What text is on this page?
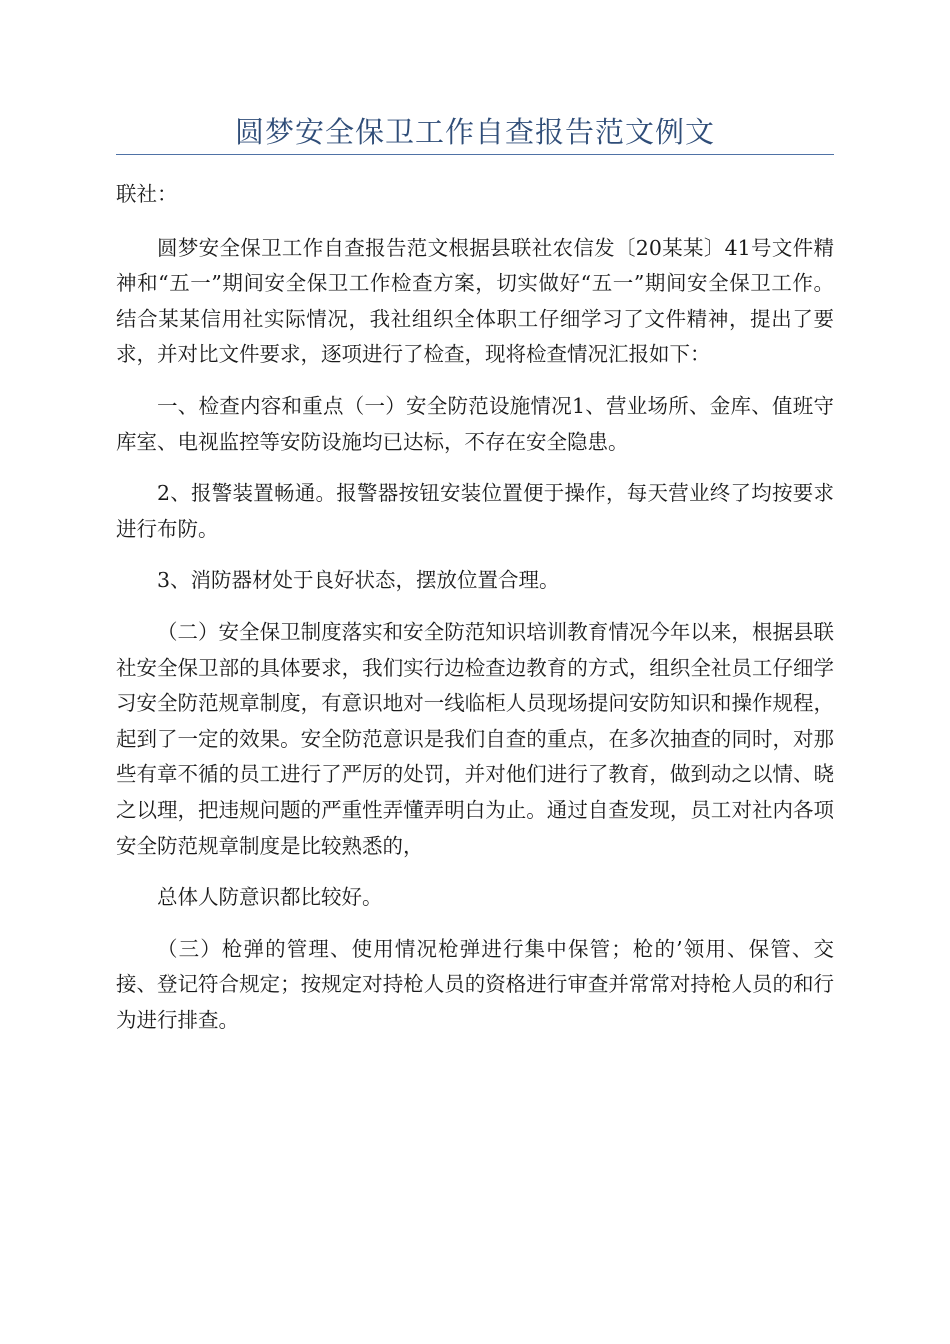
圆梦安全保卫工作自查报告范文例文

联社：

圆梦安全保卫工作自查报告范文根据县联社农信发〔20某某〕41号文件精神和“五一”期间安全保卫工作检查方案，切实做好“五一”期间安全保卫工作。结合某某信用社实际情况，我社组织全体职工仔细学习了文件精神，提出了要求，并对比文件要求，逐项进行了检查，现将检查情况汇报如下：

一、检查内容和重点（一）安全防范设施情况1、营业场所、金库、值班守库室、电视监控等安防设施均已达标，不存在安全隐患。

2、报警装置畅通。报警器按钮安装位置便于操作，每天营业终了均按要求进行布防。

3、消防器材处于良好状态，摆放位置合理。

（二）安全保卫制度落实和安全防范知识培训教育情况今年以来，根据县联社安全保卫部的具体要求，我们实行边检查边教育的方式，组织全社员工仔细学习安全防范规章制度，有意识地对一线临柜人员现场提问安防知识和操作规程，起到了一定的效果。安全防范意识是我们自查的重点，在多次抽查的同时，对那些有章不循的员工进行了严厉的处罚，并对他们进行了教育，做到动之以情、晓之以理，把违规问题的严重性弄懂弄明白为止。通过自查发现，员工对社内各项安全防范规章制度是比较熟悉的，

总体人防意识都比较好。

（三）枪弹的管理、使用情况枪弹进行集中保管；枪的’领用、保管、交接、登记符合规定；按规定对持枪人员的资格进行审查并常常对持枪人员的和行为进行排查。
